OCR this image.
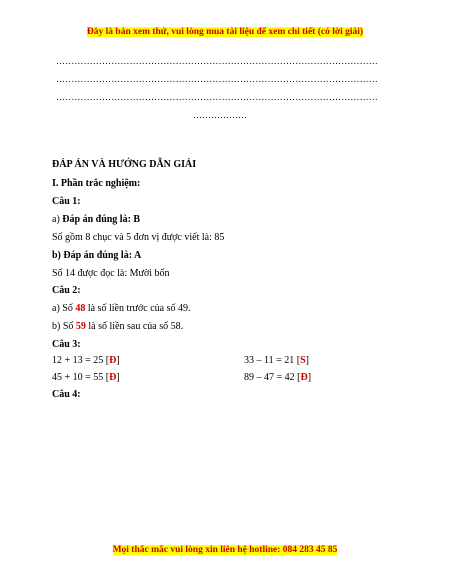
Đây là bản xem thử, vui lòng mua tài liệu để xem chi tiết (có lời giải)
……………………………………………………………………………………………
……………………………………………………………………………………………
……………………………………………………………………………………………
………………
ĐÁP ÁN VÀ HƯỚNG DẪN GIẢI
I. Phần trắc nghiệm:
Câu 1:
a) Đáp án đúng là: B
Số gồm 8 chục và 5 đơn vị được viết là: 85
b) Đáp án đúng là: A
Số 14 được đọc là: Mười bốn
Câu 2:
a) Số 48 là số liền trước của số 49.
b) Số 59 là số liền sau của số 58.
Câu 3:
12 + 13 = 25 [Đ]	33 – 11 = 21 [S]
45 + 10 = 55 [Đ]	89 – 47 = 42 [Đ]
Câu 4:
Mọi thắc mắc vui lòng xin liên hệ hotline: 084 283 45 85
